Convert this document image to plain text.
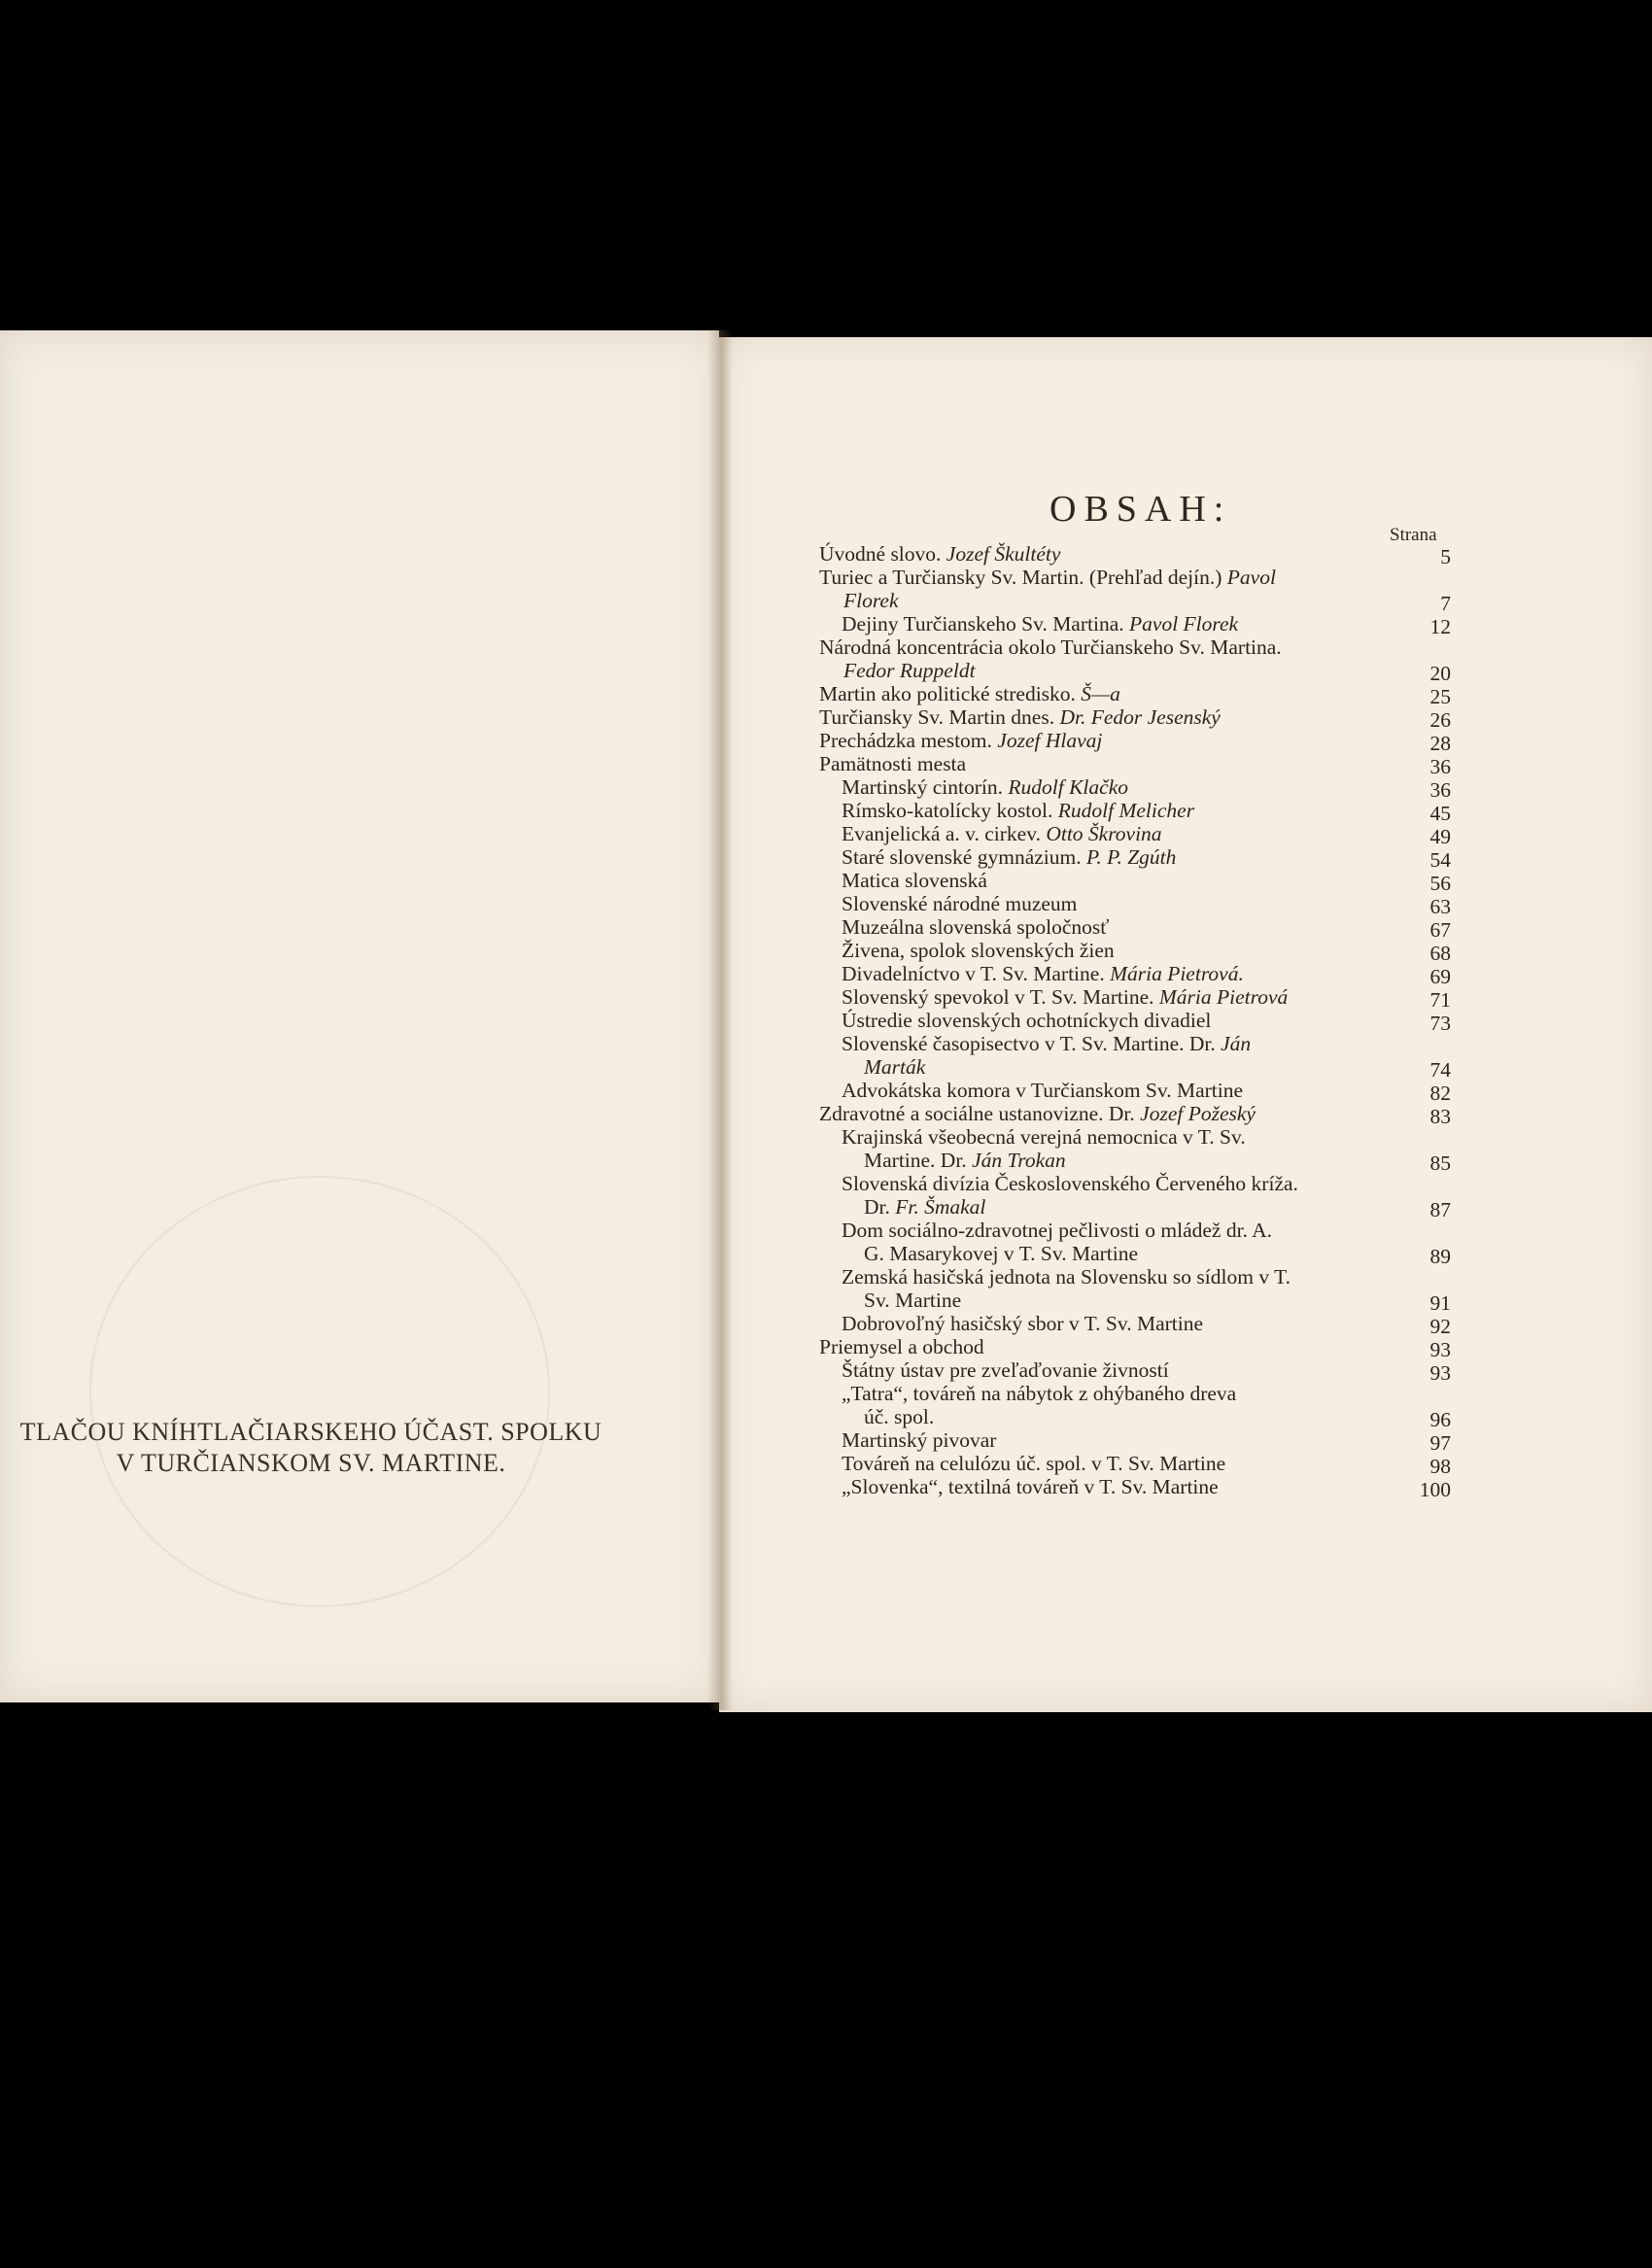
TLAČOU KNÍHTLAČIARSKEHO ÚČAST. SPOLKU
V TURČIANSKOM SV. MARTINE.
OBSAH:
Strana
Úvodné slovo. Jozef Škultéty	5
Turiec a Turčiansky Sv. Martin. (Prehľad dejín.) Pavol
Florek	7
Dejiny Turčianskeho Sv. Martina. Pavol Florek	12
Národná koncentrácia okolo Turčianskeho Sv. Martina.
Fedor Ruppeldt	20
Martin ako politické stredisko. Š—a	25
Turčiansky Sv. Martin dnes. Dr. Fedor Jesenský	26
Prechádzka mestom. Jozef Hlavaj	28
Pamätnosti mesta	36
Martinský cintorín. Rudolf Klačko	36
Rímsko-katolícky kostol. Rudolf Melicher	45
Evanjelická a. v. cirkev. Otto Škrovina	49
Staré slovenské gymnázium. P. P. Zgúth	54
Matica slovenská	56
Slovenské národné muzeum	63
Muzeálna slovenská spoločnosť	67
Živena, spolok slovenských žien	68
Divadelníctvo v T. Sv. Martine. Mária Pietrová.	69
Slovenský spevokol v T. Sv. Martine. Mária Pietrová	71
Ústredie slovenských ochotníckych divadiel	73
Slovenské časopisectvo v T. Sv. Martine. Dr. Ján
Marták	74
Advokátska komora v Turčianskom Sv. Martine	82
Zdravotné a sociálne ustanovizne. Dr. Jozef Požeský	83
Krajinská všeobecná verejná nemocnica v T. Sv.
Martine. Dr. Ján Trokan	85
Slovenská divízia Československého Červeného kríža.
Dr. Fr. Šmakal	87
Dom sociálno-zdravotnej pečlivosti o mládež dr. A.
G. Masarykovej v T. Sv. Martine	89
Zemská hasičská jednota na Slovensku so sídlom v T.
Sv. Martine	91
Dobrovoľný hasičský sbor v T. Sv. Martine	92
Priemysel a obchod	93
Štátny ústav pre zveľaďovanie živností	93
„Tatra“, továreň na nábytok z ohýbaného dreva
úč. spol.	96
Martinský pivovar	97
Továreň na celulózu úč. spol. v T. Sv. Martine	98
„Slovenka“, textilná továreň v T. Sv. Martine	100
